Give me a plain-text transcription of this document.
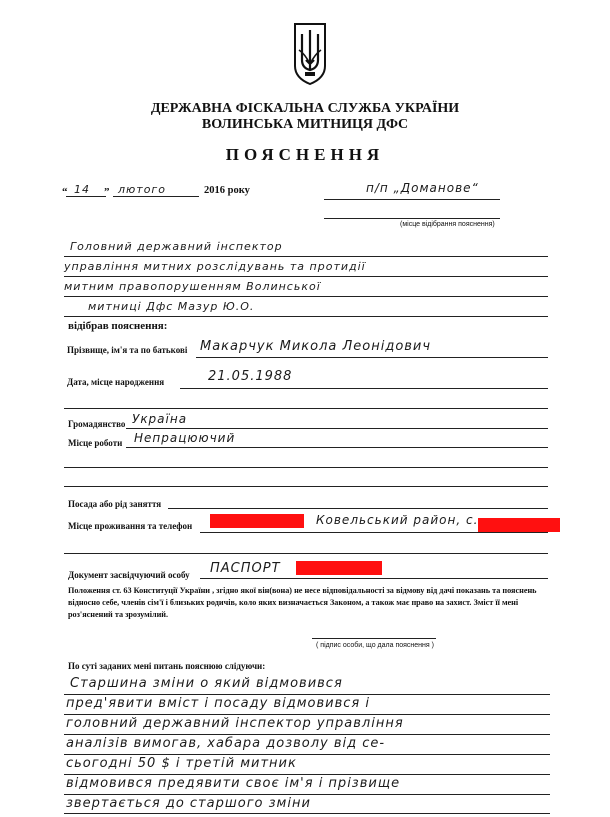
ДЕРЖАВНА ФІСКАЛЬНА СЛУЖБА УКРАЇНИ
ВОЛИНСЬКА МИТНИЦЯ ДФС
ПОЯСНЕННЯ
“ 14 ” лютого	2016 року	п/п „Доманове“
(місце відібрання пояснення)
Головний державний інспектор
управління митних розслідувань та протидії
митним правопорушенням Волинської
митниці Дфс Мазур Ю.О.
відібрав пояснення:
Прізвище, ім'я та по батькові Макарчук Микола Леонідович
Дата, місце народження	21.05.1988
Громадянство Україна
Місце роботи Непрацюючий
Посада або рід заняття
Місце проживання та телефон	Ковельський район, с.
Документ засвідчуючий особу ПАСПОРТ
Положення ст. 63 Конституції України , згідно якої він(вона) не несе відповідальності за відмову від дачі показань та пояснень відносно себе, членів сім'ї і близьких родичів, коло яких визначається Законом, а також має право на захист. Зміст її мені роз'яснений та зрозумілий.
( підпис особи, що дала пояснення )
По суті заданих мені питань пояснюю слідуючи:
Старшина зміни о який відмовився
пред'явити вміст і посаду відмовився і
головний державний інспектор управління
аналізів вимогав, хабара дозволу від се-
сьогодні 50 $ і третій митник
відмовився предявити своє ім'я і прізвище
звертається до старшого зміни
